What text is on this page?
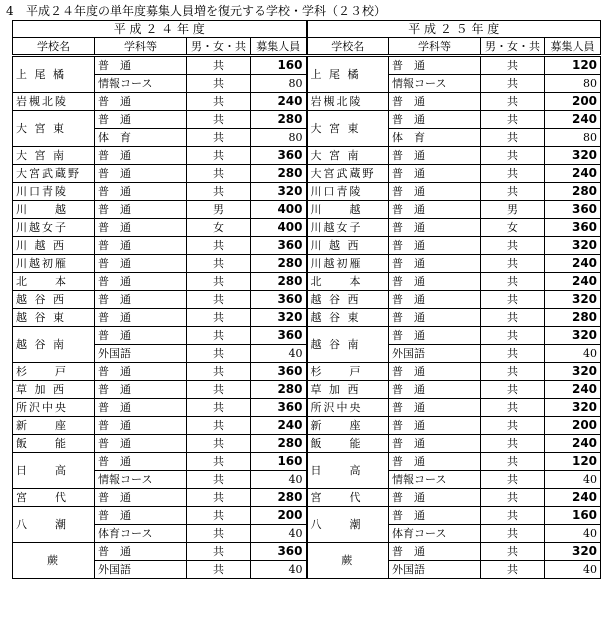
4 平成２４年度の単年度募集人員増を復元する学校・学科（２３校）
平 成 ２ ４ 年 度				平 成 ２ ５ 年 度			
学校名	学科等	男・女・共	募集人員	学校名	学科等	男・女・共	募集人員
上 尾 橘	普　通	共	160	上 尾 橘	普　通	共	120
	情報コース	共	80		情報コース	共	80
岩槻北陵	普　通	共	240	岩槻北陵	普　通	共	200
大 宮 東	普　通	共	280	大 宮 東	普　通	共	240
	体　育	共	80		体　育	共	80
大 宮 南	普　通	共	360	大 宮 南	普　通	共	320
大宮武蔵野	普　通	共	280	大宮武蔵野	普　通	共	240
川口青陵	普　通	共	320	川口青陵	普　通	共	280
川　　越	普　通	男	400	川　　越	普　通	男	360
川越女子	普　通	女	400	川越女子	普　通	女	360
川 越 西	普　通	共	360	川 越 西	普　通	共	320
川越初雁	普　通	共	280	川越初雁	普　通	共	240
北　　本	普　通	共	280	北　　本	普　通	共	240
越 谷 西	普　通	共	360	越 谷 西	普　通	共	320
越 谷 東	普　通	共	320	越 谷 東	普　通	共	280
越 谷 南	普　通	共	360	越 谷 南	普　通	共	320
	外国語	共	40		外国語	共	40
杉　　戸	普　通	共	360	杉　　戸	普　通	共	320
草 加 西	普　通	共	280	草 加 西	普　通	共	240
所沢中央	普　通	共	360	所沢中央	普　通	共	320
新　　座	普　通	共	240	新　　座	普　通	共	200
飯　　能	普　通	共	280	飯　　能	普　通	共	240
日　　高	普　通	共	160	日　　高	普　通	共	120
	情報コース	共	40		情報コース	共	40
宮　　代	普　通	共	280	宮　　代	普　通	共	240
八　　潮	普　通	共	200	八　　潮	普　通	共	160
	体育コース	共	40		体育コース	共	40
蕨	普　通	共	360	蕨	普　通	共	320
	外国語	共	40		外国語	共	40
